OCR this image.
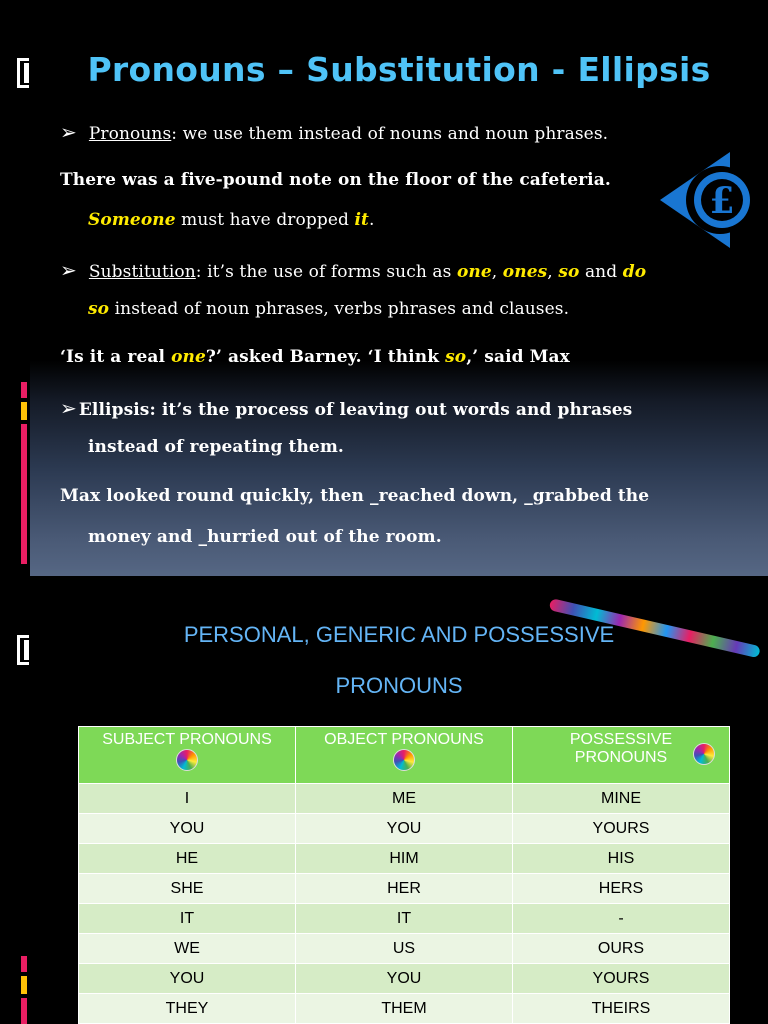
Pronouns – Substitution - Ellipsis
➢ Pronouns: we use them instead of nouns and noun phrases.
There was a five-pound note on the floor of the cafeteria.
Someone must have dropped it.	£
➢ Substitution: it’s the use of forms such as one, ones, so and do
so instead of noun phrases, verbs phrases and clauses.
‘Is it a real one?’ asked Barney. ‘I think so,’ said Max
➢ Ellipsis: it’s the process of leaving out words and phrases
instead of repeating them.
Max looked round quickly, then _reached down, _grabbed the
money and _hurried out of the room.
PERSONAL, GENERIC AND POSSESSIVE
PRONOUNS
SUBJECT PRONOUNS	OBJECT PRONOUNS	POSSESSIVE PRONOUNS

I	ME	MINE
YOU	YOU	YOURS
HE	HIM	HIS
SHE	HER	HERS
IT	IT	-
WE	US	OURS
YOU	YOU	YOURS
THEY	THEM	THEIRS
